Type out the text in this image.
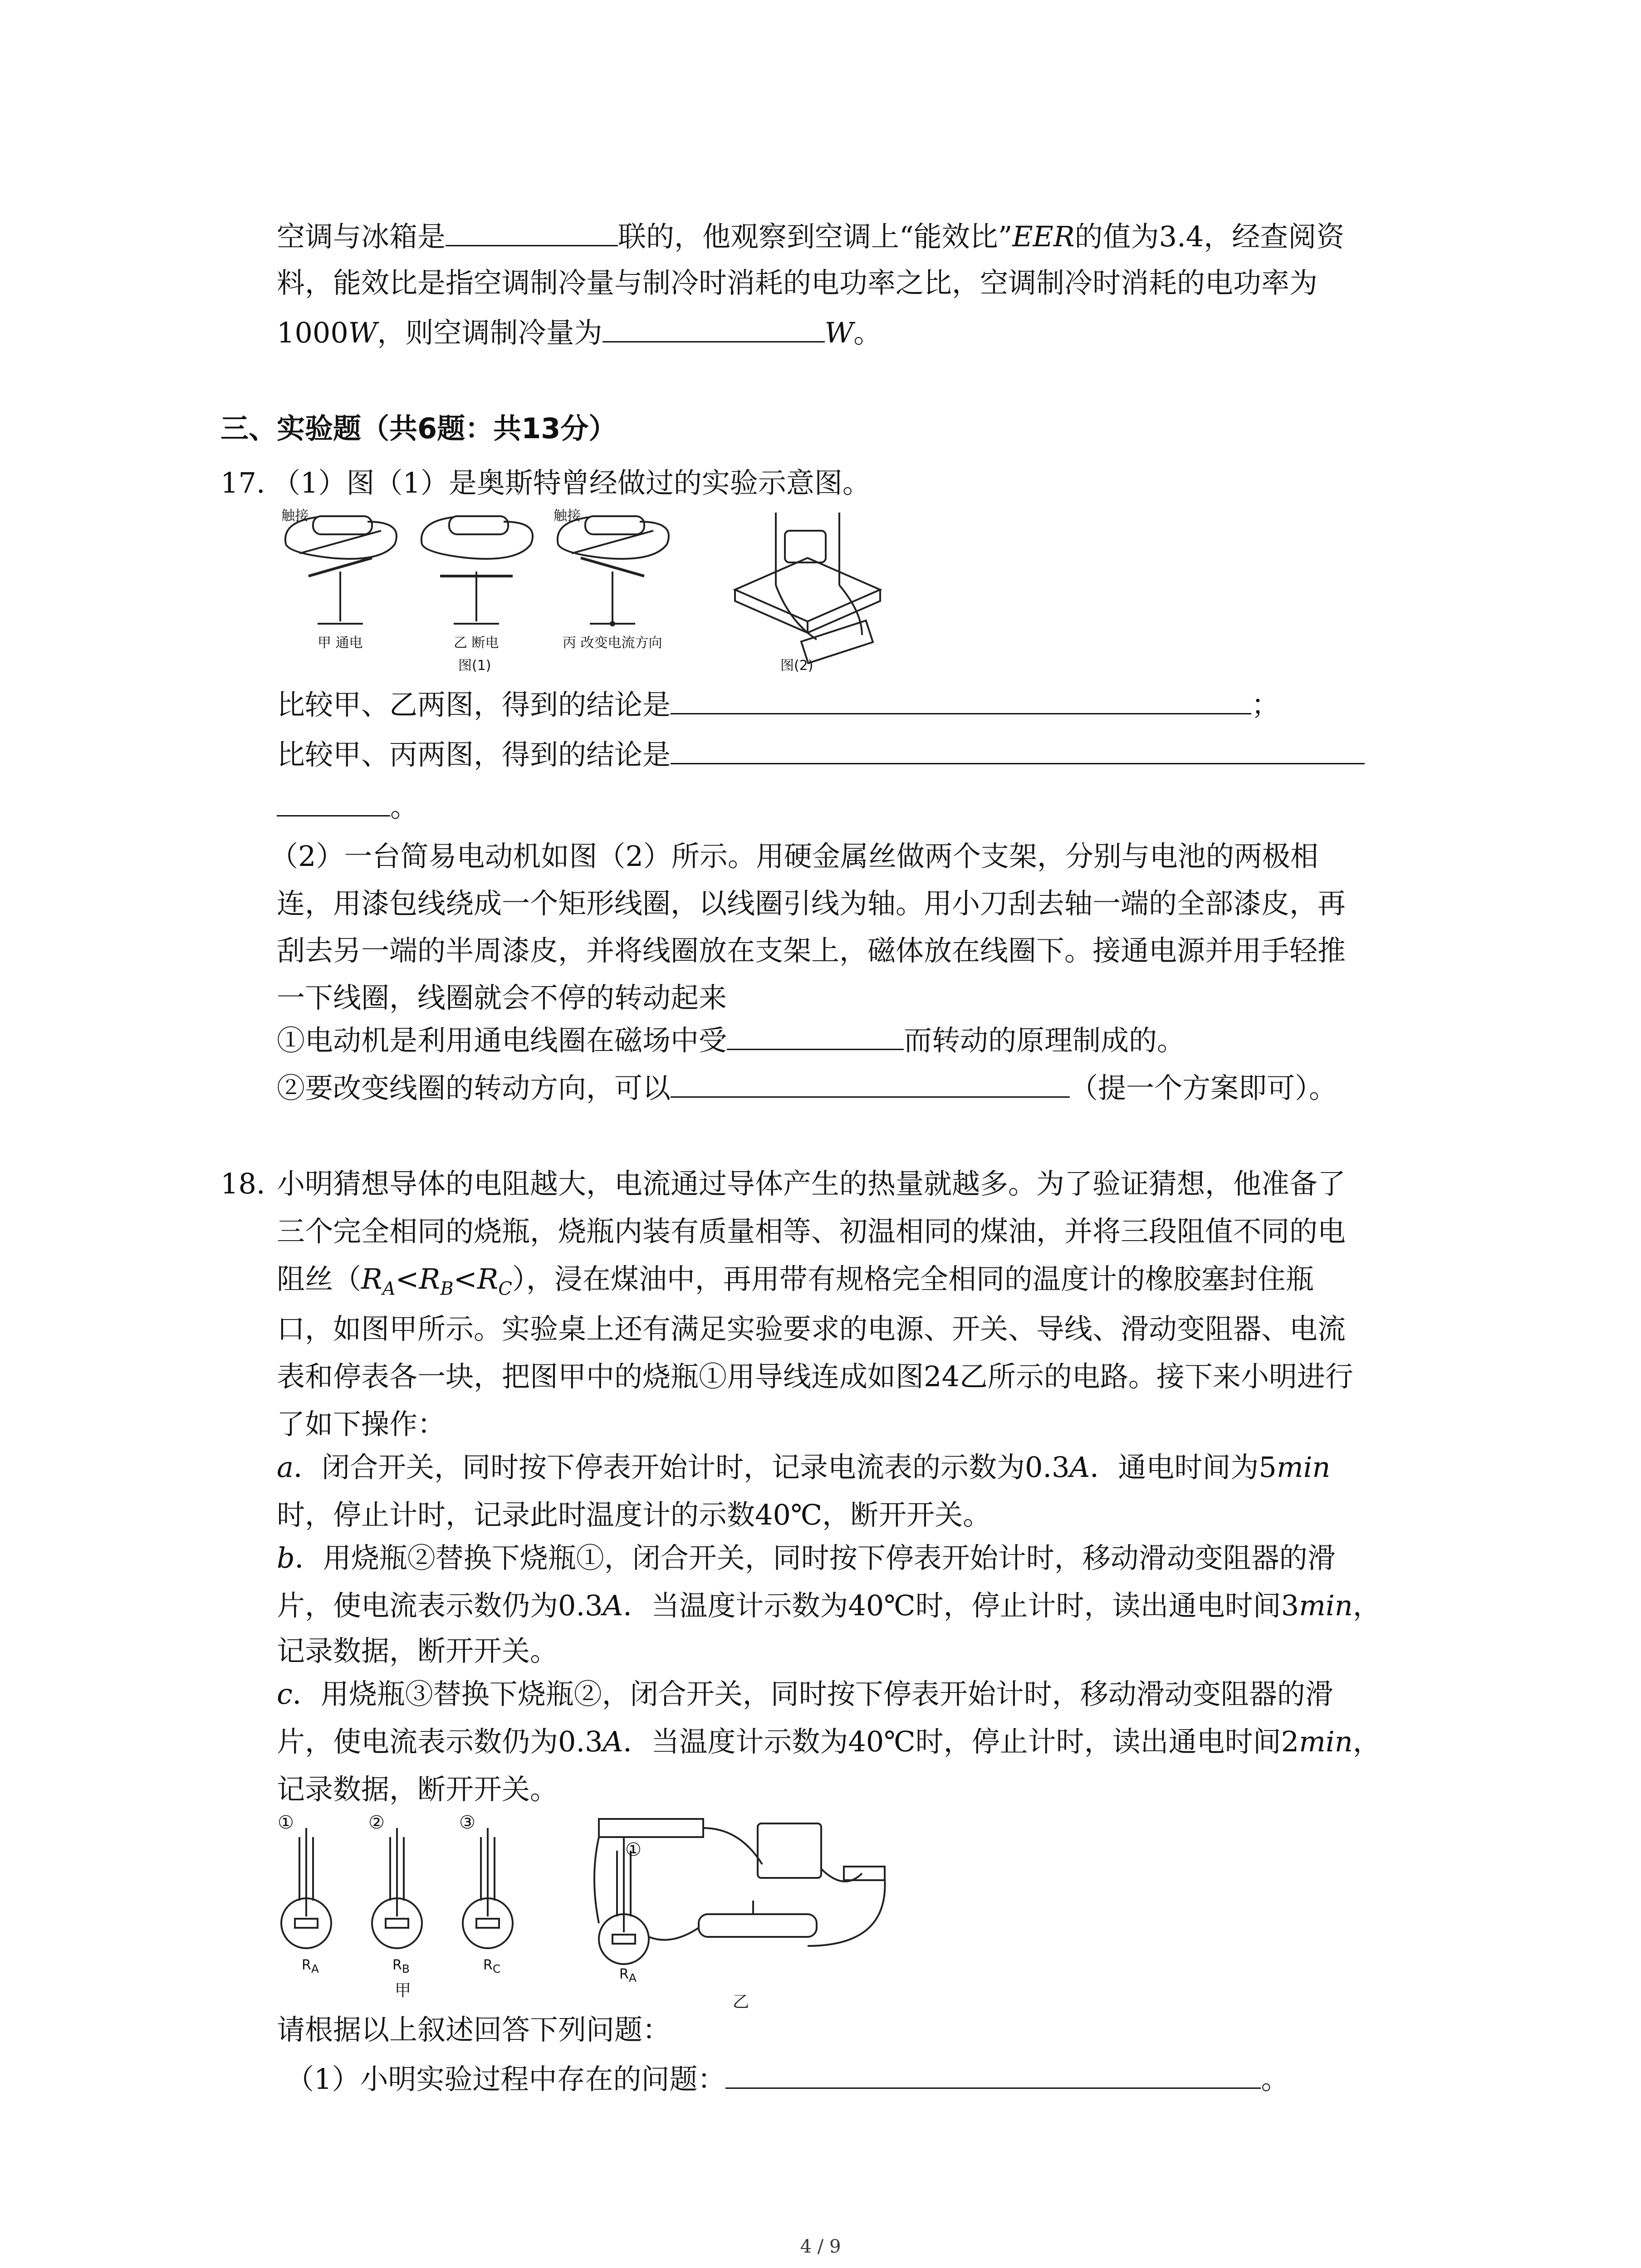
空调与冰箱是	联的，他观察到空调上“能效比”EER的值为3.4，经查阅资
料，能效比是指空调制冷量与制冷时消耗的电功率之比，空调制冷时消耗的电功率为
1000W，则空调制冷量为	W。
三、实验题（共6题：共13分）
17. （1）图（1）是奥斯特曾经做过的实验示意图。
触接	触接
甲 通电	乙 断电	丙 改变电流方向
图(1)	图(2)
比较甲、乙两图，得到的结论是	；
比较甲、丙两图，得到的结论是
。
（2）一台简易电动机如图（2）所示。用硬金属丝做两个支架，分别与电池的两极相
连，用漆包线绕成一个矩形线圈，以线圈引线为轴。用小刀刮去轴一端的全部漆皮，再
刮去另一端的半周漆皮，并将线圈放在支架上，磁体放在线圈下。接通电源并用手轻推
一下线圈，线圈就会不停的转动起来
①电动机是利用通电线圈在磁场中受	而转动的原理制成的。
②要改变线圈的转动方向，可以	（提一个方案即可）。
18. 小明猜想导体的电阻越大，电流通过导体产生的热量就越多。为了验证猜想，他准备了
三个完全相同的烧瓶，烧瓶内装有质量相等、初温相同的煤油，并将三段阻值不同的电
阻丝$(R_A<R_B<R_C)$，浸在煤油中，再用带有规格完全相同的温度计的橡胶塞封住瓶
口，如图甲所示。实验桌上还有满足实验要求的电源、开关、导线、滑动变阻器、电流
表和停表各一块，把图甲中的烧瓶①用导线连成如图24乙所示的电路。接下来小明进行
了如下操作：
a．闭合开关，同时按下停表开始计时，记录电流表的示数为0.3A．通电时间为5min
时，停止计时，记录此时温度计的示数40℃，断开开关。
b．用烧瓶②替换下烧瓶①，闭合开关，同时按下停表开始计时，移动滑动变阻器的滑
片，使电流表示数仍为0.3A．当温度计示数为40℃时，停止计时，读出通电时间3min，
记录数据，断开开关。
c．用烧瓶③替换下烧瓶②，闭合开关，同时按下停表开始计时，移动滑动变阻器的滑
片，使电流表示数仍为0.3A．当温度计示数为40℃时，停止计时，读出通电时间2min，
记录数据，断开开关。
①	②	③
①
$R_A$	$R_B$	$R_C$	$R_A$
甲
乙
请根据以上叙述回答下列问题：
（1）小明实验过程中存在的问题：	。
4 / 9
